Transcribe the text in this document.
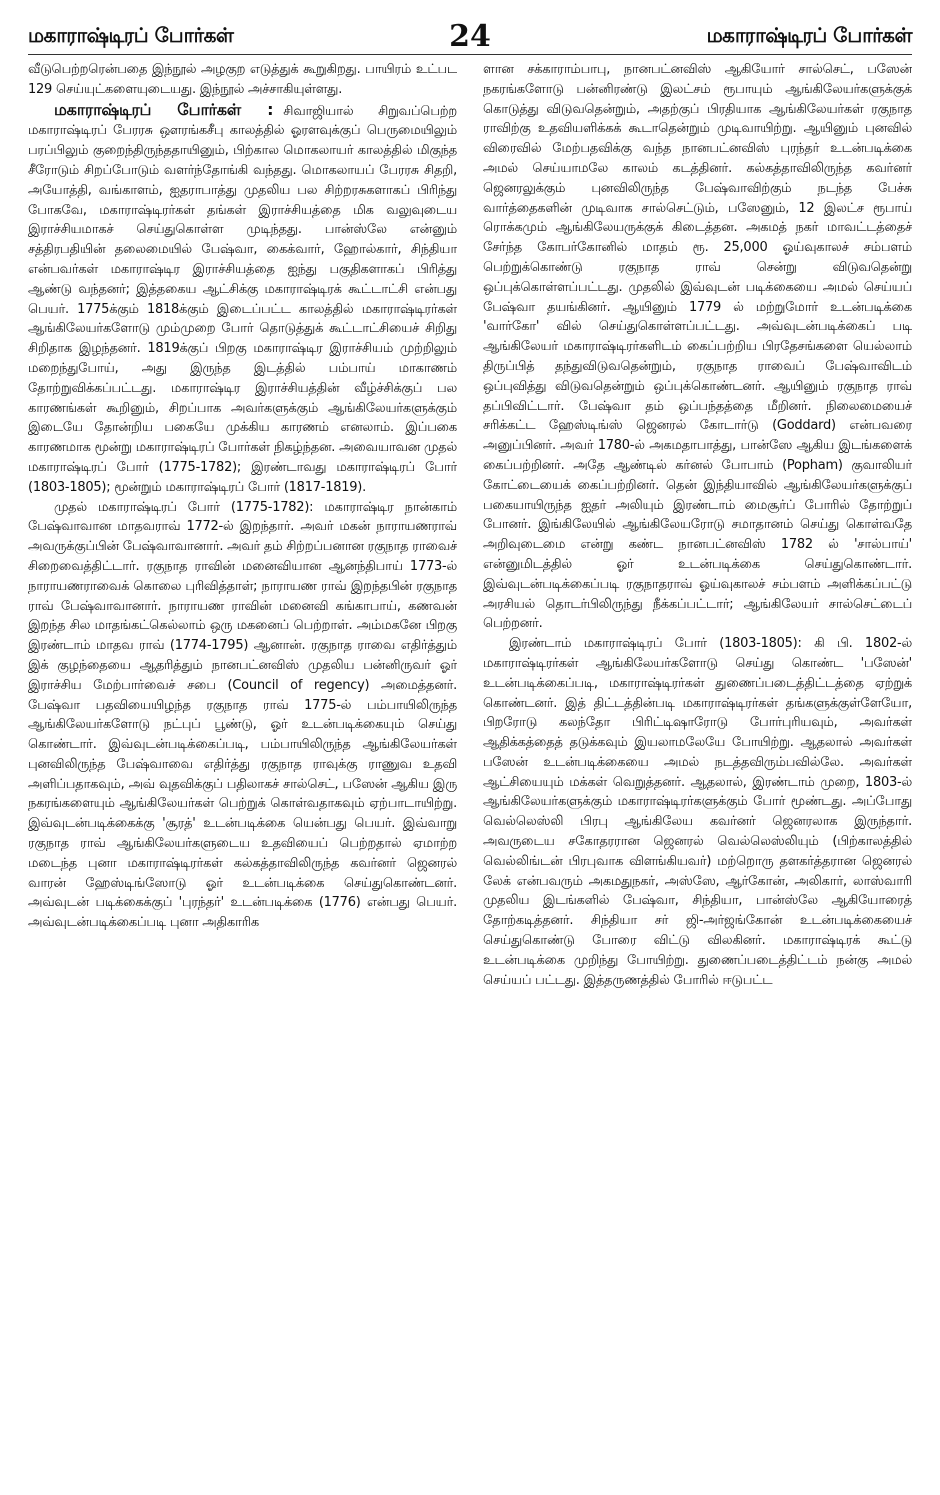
மகாராஷ்டிரப் போர்கள்	24	மகாராஷ்டிரப் போர்கள்

வீடுபெற்றரென்பதை இந்நூல் அழகுற எடுத்துக் கூறுகிறது. பாயிரம் உட்பட 129 செய்யுட்களையுடையது. இந்நூல் அச்சாகியுள்ளது.

மகாராஷ்டிரப் போர்கள் : சிவாஜியால் சிறுவப்பெற்ற மகாராஷ்டிரப் பேரரசு ஔரங்கசீபு காலத்தில் ஓரளவுக்குப் பெருமையிலும் பரப்பிலும் குறைந்திருந்ததாயினும், பிற்கால மொகலாயர் காலத்தில் மிகுந்த சீரோடும் சிறப்போடும் வளர்ந்தோங்கி வந்தது. மொகலாயப் பேரரசு சிதறி, அயோத்தி, வங்காளம், ஐதராபாத்து முதலிய பல சிற்றரசுகளாகப் பிரிந்து போகவே, மகாராஷ்டிரர்கள் தங்கள் இராச்சியத்தை மிக வலுவுடைய இராச்சியமாகச் செய்துகொள்ள முடிந்தது. பான்ஸ்லே என்னும் சத்திரபதியின் தலைமையில் பேஷ்வா, கைக்வார், ஹோல்கார், சிந்தியா என்பவர்கள் மகாராஷ்டிர இராச்சியத்தை ஐந்து பகுதிகளாகப் பிரித்து ஆண்டு வந்தனர்; இத்தகைய ஆட்சிக்கு மகாராஷ்டிரக் கூட்டாட்சி என்பது பெயர். 1775க்கும் 1818க்கும் இடைப்பட்ட காலத்தில் மகாராஷ்டிரர்கள் ஆங்கிலேயர்களோடு மும்முறை போர் தொடுத்துக் கூட்டாட்சியைச் சிறிது சிறிதாக இழந்தனர். 1819க்குப் பிறகு மகாராஷ்டிர இராச்சியம் முற்றிலும் மறைந்துபோய், அது இருந்த இடத்தில் பம்பாய் மாகாணம் தோற்றுவிக்கப்பட்டது. மகாராஷ்டிர இராச்சியத்தின் வீழ்ச்சிக்குப் பல காரணங்கள் கூறினும், சிறப்பாக அவர்களுக்கும் ஆங்கிலேயர்களுக்கும் இடையே தோன்றிய பகையே முக்கிய காரணம் எனலாம். இப்பகை காரணமாக மூன்று மகாராஷ்டிரப் போர்கள் நிகழ்ந்தன. அவையாவன முதல் மகாராஷ்டிரப் போர் (1775-1782); இரண்டாவது மகாராஷ்டிரப் போர் (1803-1805); மூன்றும் மகாராஷ்டிரப் போர் (1817-1819).

முதல் மகாராஷ்டிரப் போர் (1775-1782): மகாராஷ்டிர நான்காம் பேஷ்வாவான மாதவராவ் 1772-ல் இறந்தார். அவர் மகன் நாராயணராவ் அவருக்குப்பின் பேஷ்வாவானார். அவர் தம் சிற்றப்பனான ரகுநாத ராவைச் சிறைவைத்திட்டார். ரகுநாத ராவின் மனைவியான ஆனந்திபாய் 1773-ல் நாராயணராவைக் கொலை புரிவித்தாள்; நாராயண ராவ் இறந்தபின் ரகுநாத ராவ் பேஷ்வாவானார். நாராயண ராவின் மனைவி கங்காபாய், கணவன் இறந்த சில மாதங்கட்கெல்லாம் ஒரு மகனைப் பெற்றாள். அம்மகனே பிறகு இரண்டாம் மாதவ ராவ் (1774-1795) ஆனான். ரகுநாத ராவை எதிர்த்தும் இக் குழந்தையை ஆதரித்தும் நானபட்னவிஸ் முதலிய பன்னிருவர் ஓர் இராச்சிய மேற்பார்வைச் சபை (Council of regency) அமைத்தனர். பேஷ்வா பதவியையிழந்த ரகுநாத ராவ் 1775-ல் பம்பாயிலிருந்த ஆங்கிலேயர்களோடு நட்புப் பூண்டு, ஓர் உடன்படிக்கையும் செய்து கொண்டார். இவ்வுடன்படிக்கைப்படி, பம்பாயிலிருந்த ஆங்கிலேயர்கள் புனவிலிருந்த பேஷ்வாவை எதிர்த்து ரகுநாத ராவுக்கு ராணுவ உதவி அளிப்பதாகவும், அவ் வுதவிக்குப் பதிலாகச் சால்செட், பஸேன் ஆகிய இரு நகரங்களையும் ஆங்கிலேயர்கள் பெற்றுக் கொள்வதாகவும் ஏற்பாடாயிற்று. இவ்வுடன்படிக்கைக்கு 'சூரத்' உடன்படிக்கை யென்பது பெயர். இவ்வாறு ரகுநாத ராவ் ஆங்கிலேயர்களுடைய உதவியைப் பெற்றதால் ஏமாற்ற மடைந்த புனா மகாராஷ்டிரர்கள் கல்கத்தாவிலிருந்த கவர்னர் ஜெனரல் வாரன் ஹேஸ்டிங்ஸோடு ஓர் உடன்படிக்கை செய்துகொண்டனர். அவ்வுடன் படிக்கைக்குப் 'புரந்தர்' உடன்படிக்கை (1776) என்பது பெயர். அவ்வுடன்படிக்கைப்படி புனா அதிகாரிக

ளான சக்காராம்பாபு, நானபட்னவிஸ் ஆகியோர் சால்செட், பஸேன் நகரங்களோடு பன்னிரண்டு இலட்சம் ரூபாயும் ஆங்கிலேயர்களுக்குக் கொடுத்து விடுவதென்றும், அதற்குப் பிரதியாக ஆங்கிலேயர்கள் ரகுநாத ராவிற்கு உதவியளிக்கக் கூடாதென்றும் முடிவாயிற்று. ஆயினும் புனவில் விரைவில் மேற்பதவிக்கு வந்த நானபட்னவிஸ் புரந்தர் உடன்படிக்கை அமல் செய்யாமலே காலம் கடத்தினர். கல்கத்தாவிலிருந்த கவர்னர் ஜெனரலுக்கும் புனவிலிருந்த பேஷ்வாவிற்கும் நடந்த பேச்சு வார்த்தைகளின் முடிவாக சால்செட்டும், பஸேனும், 12 இலட்ச ரூபாய் ரொக்கமும் ஆங்கிலேயருக்குக் கிடைத்தன. அகமத் நகர் மாவட்டத்தைச் சேர்ந்த கோபர்கோனில் மாதம் ரூ. 25,000 ஓய்வுகாலச் சம்பளம் பெற்றுக்கொண்டு ரகுநாத ராவ் சென்று விடுவதென்று ஒப்புக்கொள்ளப்பட்டது. முதலில் இவ்வுடன் படிக்கையை அமல் செய்யப் பேஷ்வா தயங்கினர். ஆயினும் 1779 ல் மற்றுமோர் உடன்படிக்கை 'வார்கோ' வில் செய்துகொள்ளப்பட்டது. அவ்வுடன்படிக்கைப் படி ஆங்கிலேயர் மகாராஷ்டிரர்களிடம் கைப்பற்றிய பிரதேசங்களை யெல்லாம் திருப்பித் தந்துவிடுவதென்றும், ரகுநாத ராவைப் பேஷ்வாவிடம் ஒப்புவித்து விடுவதென்றும் ஒப்புக்கொண்டனர். ஆயினும் ரகுநாத ராவ் தப்பிவிட்டார். பேஷ்வா தம் ஒப்பந்தத்தை மீறினர். நிலைமையைச் சரிக்கட்ட ஹேஸ்டிங்ஸ் ஜெனரல் கோடார்டு (Goddard) என்பவரை அனுப்பினர். அவர் 1780-ல் அகமதாபாத்து, பான்ஸே ஆகிய இடங்களைக் கைப்பற்றினர். அதே ஆண்டில் கர்னல் போபாம் (Popham) குவாலியர் கோட்டையைக் கைப்பற்றினர். தென் இந்தியாவில் ஆங்கிலேயர்களுக்குப் பகையாயிருந்த ஐதர் அலியும் இரண்டாம் மைசூர்ப் போரில் தோற்றுப் போனர். இங்கிலேயில் ஆங்கிலேயரோடு சமாதானம் செய்து கொள்வதே அறிவுடைமை என்று கண்ட நானபட்னவிஸ் 1782 ல் 'சால்பாய்' என்னுமிடத்தில் ஓர் உடன்படிக்கை செய்துகொண்டார். இவ்வுடன்படிக்கைப்படி ரகுநாதராவ் ஓய்வுகாலச் சம்பளம் அளிக்கப்பட்டு அரசியல் தொடர்பிலிருந்து நீக்கப்பட்டார்; ஆங்கிலேயர் சால்செட்டைப் பெற்றனர்.

இரண்டாம் மகாராஷ்டிரப் போர் (1803-1805): கி பி. 1802-ல் மகாராஷ்டிரர்கள் ஆங்கிலேயர்களோடு செய்து கொண்ட 'பஸேன்' உடன்படிக்கைப்படி, மகாராஷ்டிரர்கள் துணைப்படைத்திட்டத்தை ஏற்றுக் கொண்டனர். இத் திட்டத்தின்படி மகாராஷ்டிரர்கள் தங்களுக்குள்ளேயோ, பிறரோடு கலந்தோ பிரிட்டிஷாரோடு போர்புரியவும், அவர்கள் ஆதிக்கத்தைத் தடுக்கவும் இயலாமலேயே போயிற்று. ஆதலால் அவர்கள் பஸேன் உடன்படிக்கையை அமல் நடத்தவிரும்பவில்லே. அவர்கள் ஆட்சியையும் மக்கள் வெறுத்தனர். ஆதலால், இரண்டாம் முறை, 1803-ல் ஆங்கிலேயர்களுக்கும் மகாராஷ்டிரர்களுக்கும் போர் மூண்டது. அப்போது வெல்லெஸ்லி பிரபு ஆங்கிலேய கவர்னர் ஜெனரலாக இருந்தார். அவருடைய சகோதரரான ஜெனரல் வெல்லெஸ்லியும் (பிற்காலத்தில் வெல்லிங்டன் பிரபுவாக விளங்கியவர்) மற்றொரு தளகர்த்தரான ஜெனரல் லேக் என்பவரும் அகமதுநகர், அஸ்ஸே, ஆர்கோன், அலிகார், லாஸ்வாரி முதலிய இடங்களில் பேஷ்வா, சிந்தியா, பான்ஸ்லே ஆகியோரைத் தோற்கடித்தனர். சிந்தியா சர் ஜி-அர்ஜங்கோன் உடன்படிக்கையைச் செய்துகொண்டு போரை விட்டு விலகினர். மகாராஷ்டிரக் கூட்டு உடன்படிக்கை முறிந்து போயிற்று. துணைப்படைத்திட்டம் நன்கு அமல் செய்யப் பட்டது. இத்தருணத்தில் போரில் ஈடுபட்ட
